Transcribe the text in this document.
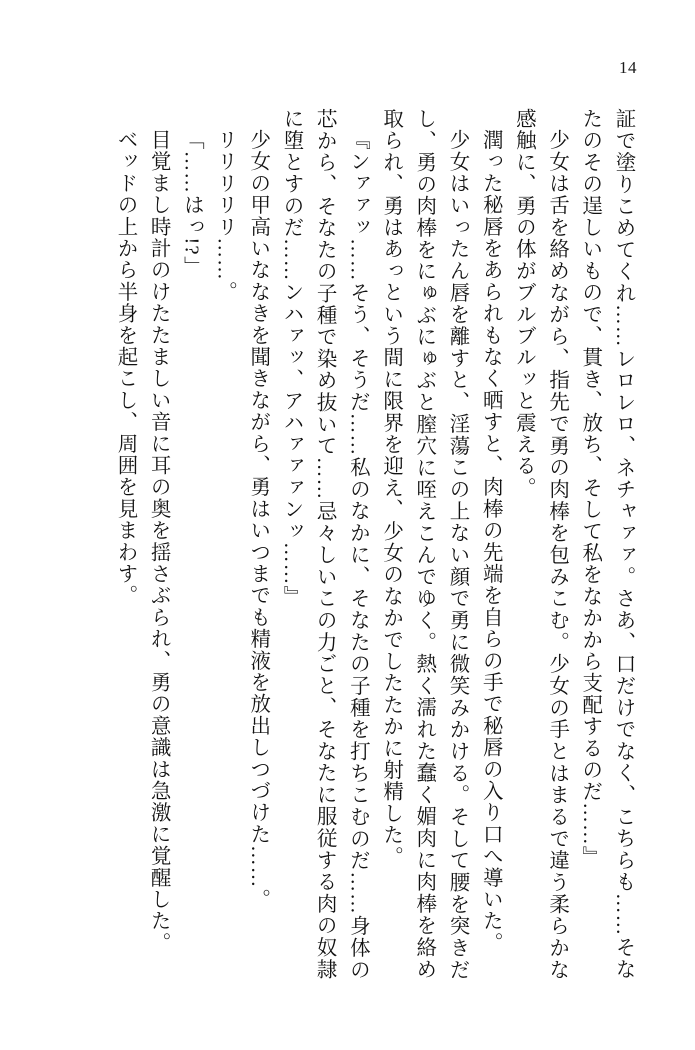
14

証で塗りこめてくれ……レロレロ、ネチャァァ。さあ、口だけでなく、こちらも……そなたのその逞しいもので、貫き、放ち、そして私をなかから支配するのだ……』

少女は舌を絡めながら、指先で勇の肉棒を包みこむ。少女の手とはまるで違う柔らかな感触に、勇の体がブルブルッと震える。

潤った秘唇をあられもなく晒すと、肉棒の先端を自らの手で秘唇の入り口へ導いた。

少女はいったん唇を離すと、淫蕩この上ない顔で勇に微笑みかける。そして腰を突きだし、勇の肉棒をにゅぶにゅぶと膣穴に咥えこんでゆく。熱く濡れた蠢く媚肉に肉棒を絡め取られ、勇はあっという間に限界を迎え、少女のなかでしたたかに射精した。

『ンァァッ……そう、そうだ……私のなかに、そなたの子種を打ちこむのだ……身体の芯から、そなたの子種で染め抜いて……忌々しいこの力ごと、そなたに服従する肉の奴隷に堕とすのだ……ンハァッ、アハァァァンッ……』

少女の甲高いななきを聞きながら、勇はいつまでも精液を放出しつづけた……。

リリリリリ……。

「……はっ!?」

目覚まし時計のけたたましい音に耳の奥を揺さぶられ、勇の意識は急激に覚醒した。

ベッドの上から半身を起こし、周囲を見まわす。
